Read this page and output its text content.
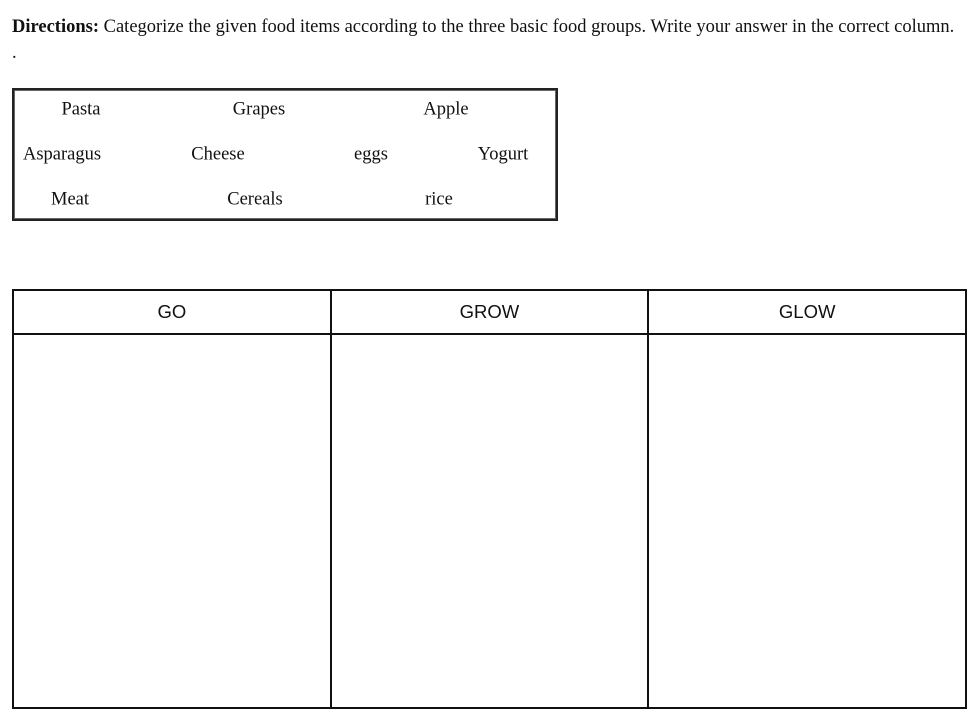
Directions: Categorize the given food items according to the three basic food groups. Write your answer in the correct column. .
Pasta	Grapes	Apple
Asparagus	Cheese	eggs	Yogurt
Meat	Cereals	rice
GO	GROW	GLOW
